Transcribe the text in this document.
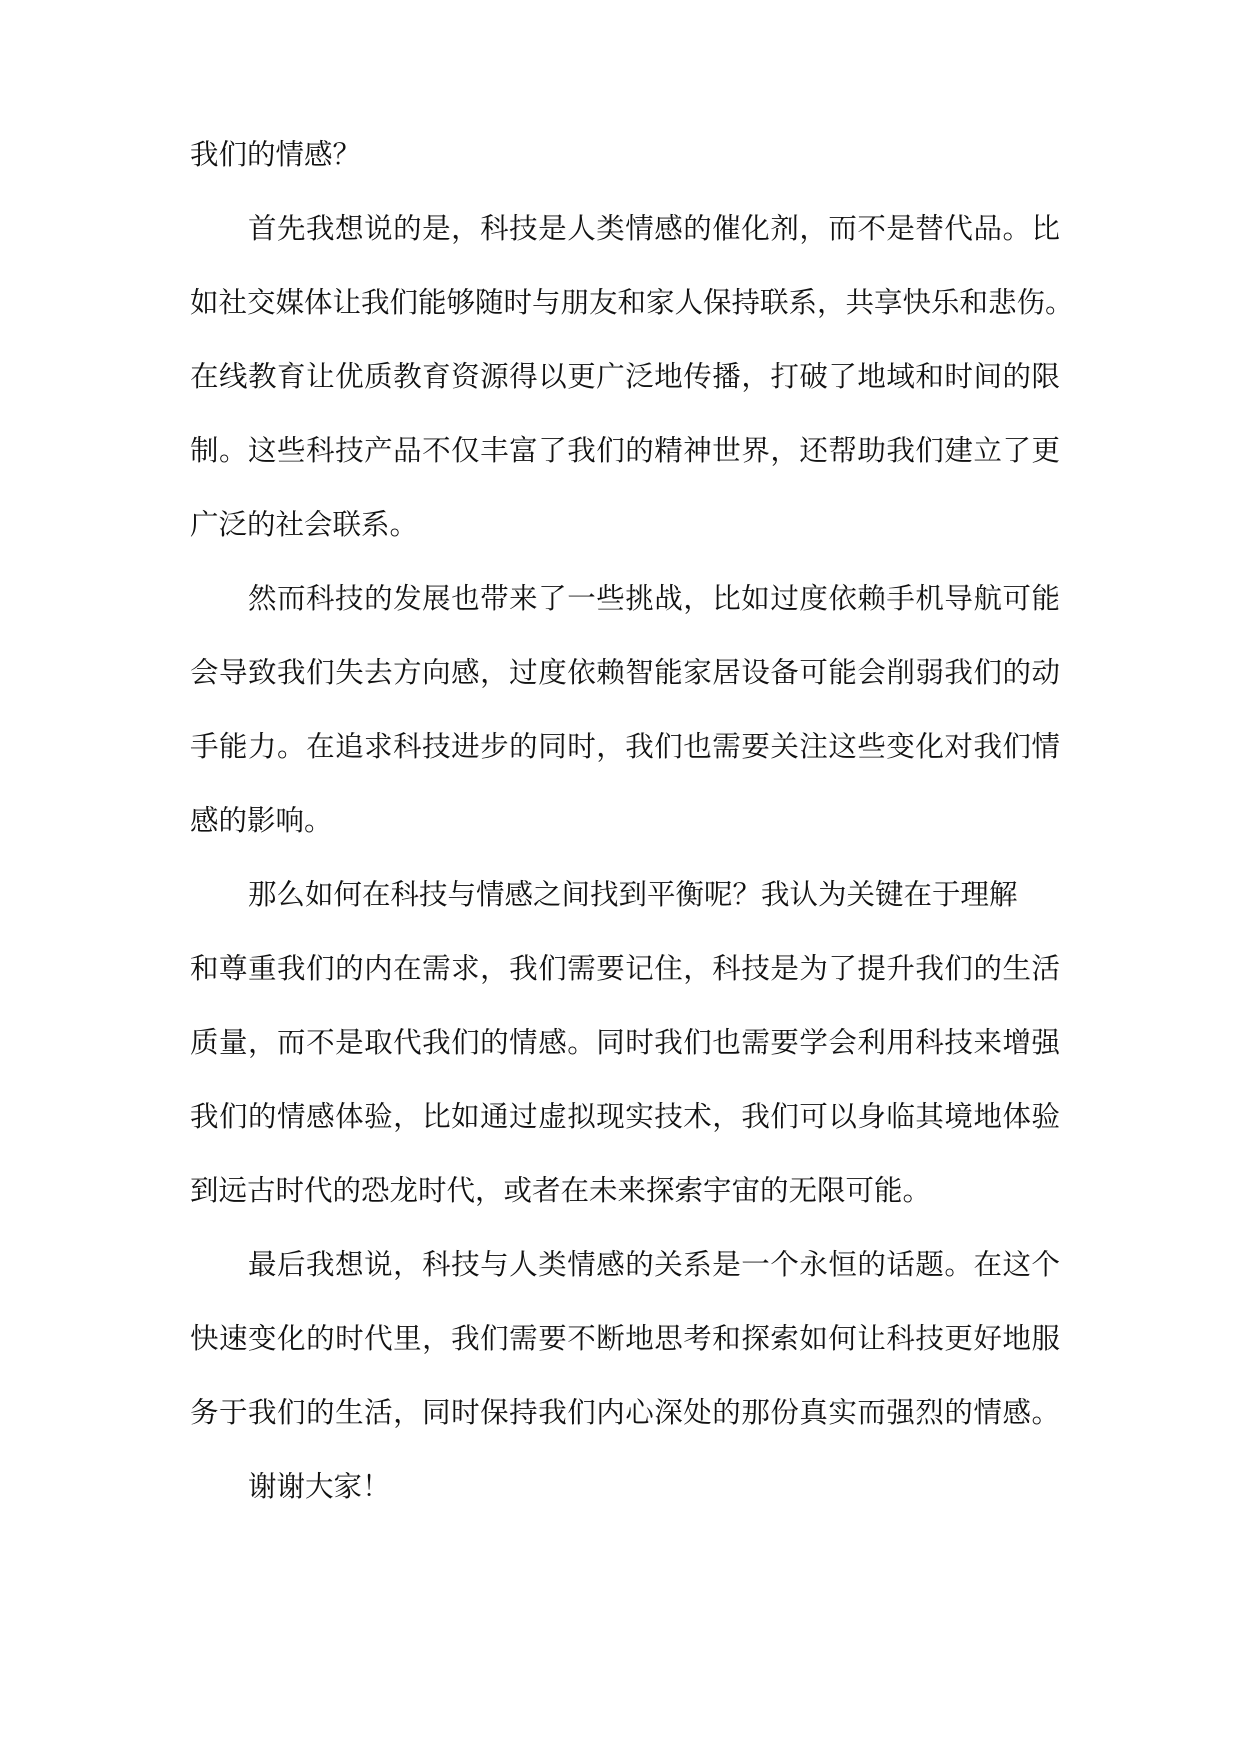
我们的情感？
首先我想说的是，科技是人类情感的催化剂，而不是替代品。比
如社交媒体让我们能够随时与朋友和家人保持联系，共享快乐和悲伤。
在线教育让优质教育资源得以更广泛地传播，打破了地域和时间的限
制。这些科技产品不仅丰富了我们的精神世界，还帮助我们建立了更
广泛的社会联系。
然而科技的发展也带来了一些挑战，比如过度依赖手机导航可能
会导致我们失去方向感，过度依赖智能家居设备可能会削弱我们的动
手能力。在追求科技进步的同时，我们也需要关注这些变化对我们情
感的影响。
那么如何在科技与情感之间找到平衡呢？我认为关键在于理解
和尊重我们的内在需求，我们需要记住，科技是为了提升我们的生活
质量，而不是取代我们的情感。同时我们也需要学会利用科技来增强
我们的情感体验，比如通过虚拟现实技术，我们可以身临其境地体验
到远古时代的恐龙时代，或者在未来探索宇宙的无限可能。
最后我想说，科技与人类情感的关系是一个永恒的话题。在这个
快速变化的时代里，我们需要不断地思考和探索如何让科技更好地服
务于我们的生活，同时保持我们内心深处的那份真实而强烈的情感。
谢谢大家！
